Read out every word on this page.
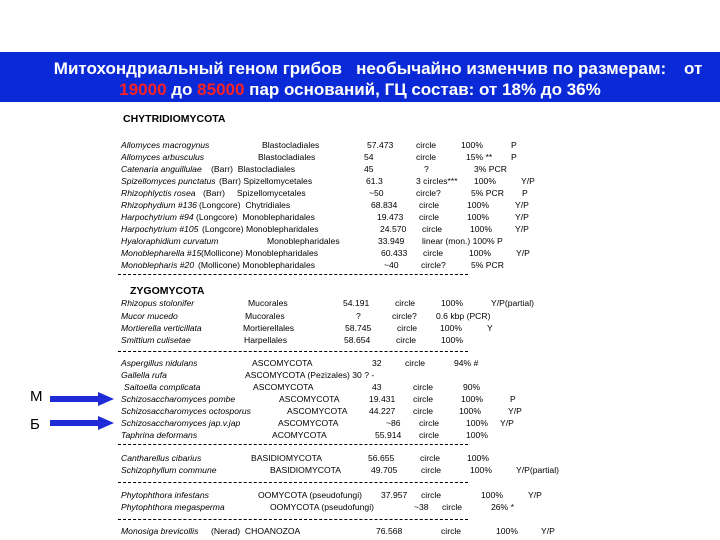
Митохондриальный геном грибов   необычайно изменчив по размерам:	от
19000 до 85000 пар оснований, ГЦ состав: от 18% до 36%
CHYTRIDIOMYCOTA
ZYGOMYCOTA
Allomyces macrogynus	Blastocladiales	57.473	circle	100%	P
Allomyces arbusculus	Blastocladiales	54	circle	15% ** P
Catenaria anguillulae (Barr)  Blastocladiales	45	?	3% PCR
Spizellomyces punctatus (Barr) Spizellomycetales	61.3	3 circles*** 100%	Y/P
Rhizophlyctis rosea (Barr)     Spizellomycetales	~50	circle?	5% PCR P
Rhizophydium #136 (Longcore)  Chytridiales	68.834	circle	100%	Y/P
Harpochytrium #94 (Longcore)  Monoblepharidales	19.473 circle	100%	Y/P
Harpochytrium #105 (Longcore) Monoblepharidales	24.570 circle	100%	Y/P
Hyaloraphidium curvatum	Monoblepharidales	33.949 linear (mon.) 100% P
Monoblepharella #15 (Mollicone) Monoblepharidales	60.433 circle	100%	Y/P
Monoblepharis #20 (Mollicone) Monoblepharidales	~40	circle?	5% PCR
Rhizopus stolonifer	Mucorales	54.191	circle	100%	Y/P(partial)
Mucor mucedo	Mucorales	?	circle? 0.6 kbp (PCR)
Mortierella verticillata	Mortierellales	58.745	circle	100%	Y
Smittium culisetae	Harpellales	58.654	circle	100%
Aspergillus nidulans	ASCOMYCOTA	32	circle	94% #
Gallella rufa	ASCOMYCOTA (Pezizales) 30 ? -
Saitoella complicata	ASCOMYCOTA	43	circle	90%
Schizosaccharomyces pombe	ASCOMYCOTA	19.431 circle	100%	P
Schizosaccharomyces octosporus	ASCOMYCOTA	44.227 circle	100%	Y/P
Schizosaccharomyces jap.v.jap	ASCOMYCOTA	~86 circle	100% Y/P
Taphrina deformans	ACOMYCOTA	55.914 circle	100%
Cantharellus cibarius	BASIDIOMYCOTA	56.655	circle	100%
Schizophyllum commune	BASIDIOMYCOTA	49.705	circle	100%	Y/P(partial)
Phytophthora infestans	OOMYCOTA (pseudofungi) 37.957 circle	100%	Y/P
Phytophthora megasperma	OOMYCOTA (pseudofungi)	~38 circle	26% *
Monosiga brevicollis (Nerad)  CHOANOZOA	76.568	circle	100%	Y/P
М
Б
